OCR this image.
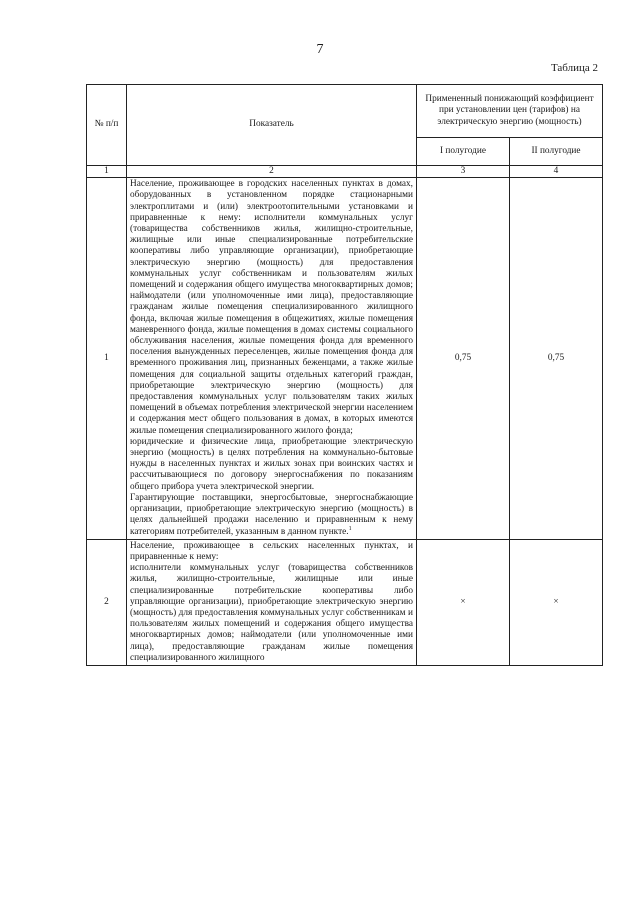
7
Таблица 2
№ п/п	Показатель	Примененный понижающий коэффициент при установлении цен (тарифов) на электрическую энергию (мощность)	
		I полугодие	II полугодие
1	2	3	4
1	Население, проживающее в городских населенных пунктах в домах, оборудованных в установленном порядке стационарными электроплитами и (или) электроотопительными установками и приравненные к нему: исполнители коммунальных услуг (товарищества собственников жилья, жилищно-строительные, жилищные или иные специализированные потребительские кооперативы либо управляющие организации), приобретающие электрическую энергию (мощность) для предоставления коммунальных услуг собственникам и пользователям жилых помещений и содержания общего имущества многоквартирных домов; наймодатели (или уполномоченные ими лица), предоставляющие гражданам жилые помещения специализированного жилищного фонда, включая жилые помещения в общежитиях, жилые помещения маневренного фонда, жилые помещения в домах системы социального обслуживания населения, жилые помещения фонда для временного поселения вынужденных переселенцев, жилые помещения фонда для временного проживания лиц, признанных беженцами, а также жилые помещения для социальной защиты отдельных категорий граждан, приобретающие электрическую энергию (мощность) для предоставления коммунальных услуг пользователям таких жилых помещений в объемах потребления электрической энергии населением и содержания мест общего пользования в домах, в которых имеются жилые помещения специализированного жилого фонда;
юридические и физические лица, приобретающие электрическую энергию (мощность) в целях потребления на коммунально-бытовые нужды в населенных пунктах и жилых зонах при воинских частях и рассчитывающиеся по договору энергоснабжения по показаниям общего прибора учета электрической энергии.
Гарантирующие поставщики, энергосбытовые, энергоснабжающие организации, приобретающие электрическую энергию (мощность) в целях дальнейшей продажи населению и приравненным к нему категориям потребителей, указанным в данном пункте.$^1$	0,75	0,75
2	Население, проживающее в сельских населенных пунктах, и приравненные к нему:
исполнители коммунальных услуг (товарищества собственников жилья, жилищно-строительные, жилищные или иные специализированные потребительские кооперативы либо управляющие организации), приобретающие электрическую энергию (мощность) для предоставления коммунальных услуг собственникам и пользователям жилых помещений и содержания общего имущества многоквартирных домов; наймодатели (или уполномоченные ими лица), предоставляющие гражданам жилые помещения специализированного жилищного	×	×
